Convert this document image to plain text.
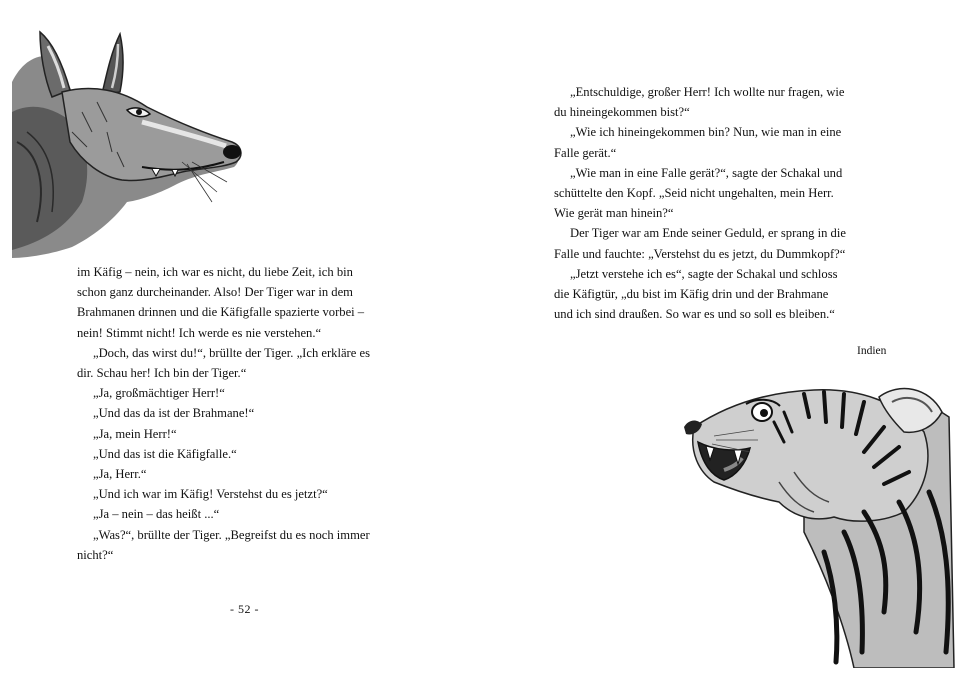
im Käfig – nein, ich war es nicht, du liebe Zeit, ich bin
schon ganz durcheinander. Also! Der Tiger war in dem
Brahmanen drinnen und die Käfigfalle spazierte vorbei –
nein! Stimmt nicht! Ich werde es nie verstehen.“
„Doch, das wirst du!“, brüllte der Tiger. „Ich erkläre es
dir. Schau her! Ich bin der Tiger.“
„Ja, großmächtiger Herr!“
„Und das da ist der Brahmane!“
„Ja, mein Herr!“
„Und das ist die Käfigfalle.“
„Ja, Herr.“
„Und ich war im Käfig! Verstehst du es jetzt?“
„Ja – nein – das heißt ...“
„Was?“, brüllte der Tiger. „Begreifst du es noch immer
nicht?“
- 52 -
„Entschuldige, großer Herr! Ich wollte nur fragen, wie
du hineingekommen bist?“
„Wie ich hineingekommen bin? Nun, wie man in eine
Falle gerät.“
„Wie man in eine Falle gerät?“, sagte der Schakal und
schüttelte den Kopf. „Seid nicht ungehalten, mein Herr.
Wie gerät man hinein?“
Der Tiger war am Ende seiner Geduld, er sprang in die
Falle und fauchte: „Verstehst du es jetzt, du Dummkopf?“
„Jetzt verstehe ich es“, sagte der Schakal und schloss
die Käfigtür, „du bist im Käfig drin und der Brahmane
und ich sind draußen. So war es und so soll es bleiben.“
Indien
